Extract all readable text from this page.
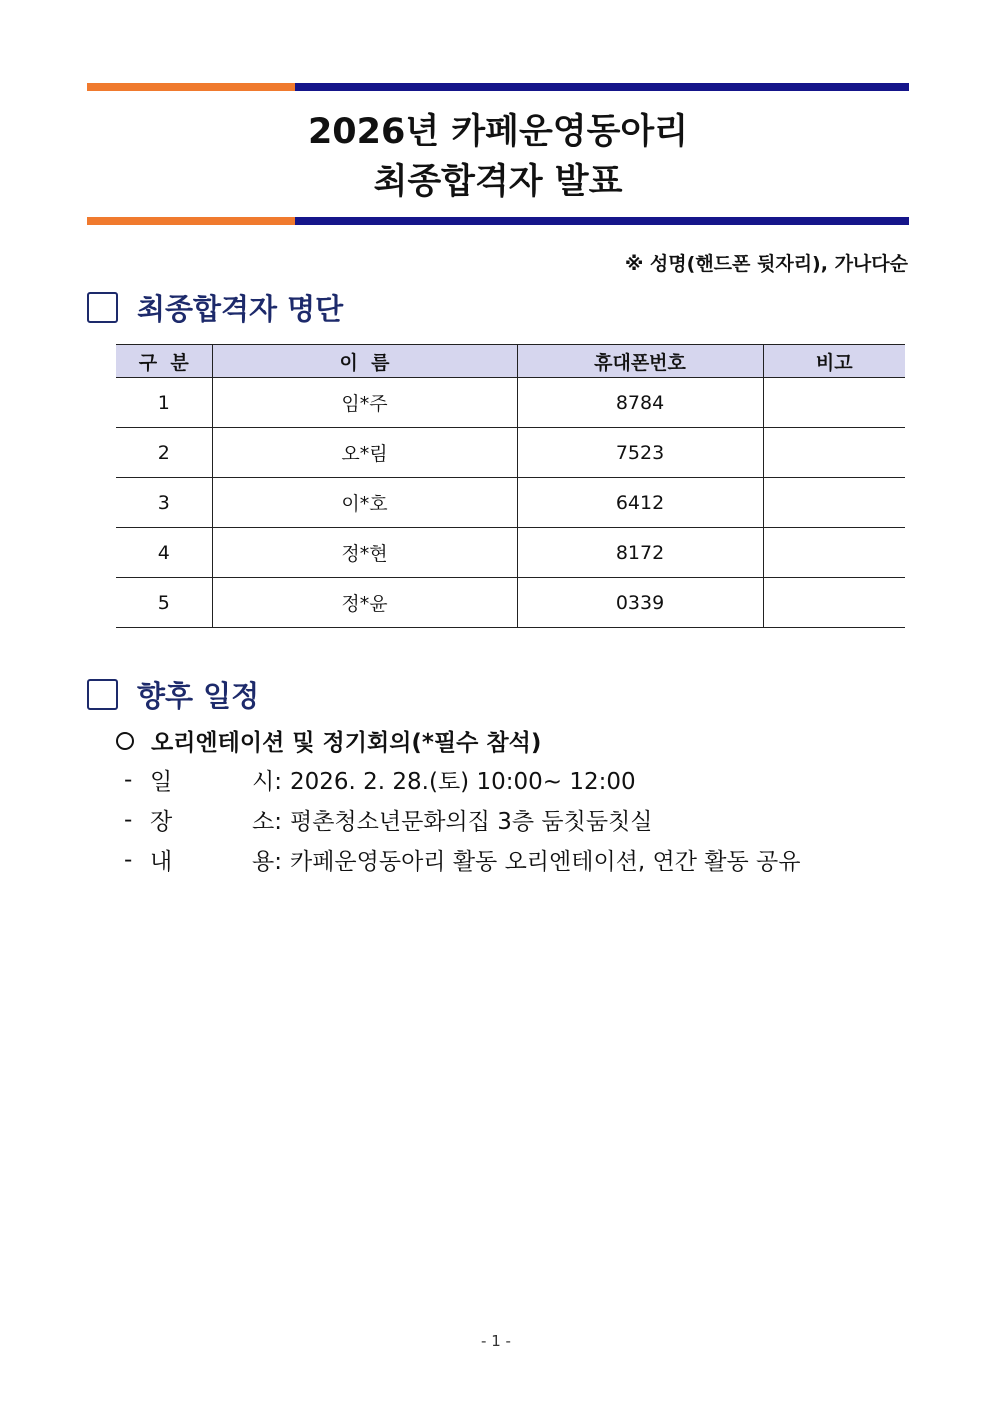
2026년 카페운영동아리
최종합격자 발표
※ 성명(핸드폰 뒷자리), 가나다순
최종합격자 명단
구  분	이  름	휴대폰번호	비고
1	임*주	8784	
2	오*림	7523	
3	이*호	6412	
4	정*현	8172	
5	정*윤	0339	
향후 일정
오리엔테이션 및 정기회의(*필수 참석)
- 일	시: 2026. 2. 28.(토) 10:00~ 12:00
- 장	소: 평촌청소년문화의집 3층 둠칫둠칫실
- 내	용: 카페운영동아리 활동 오리엔테이션, 연간 활동 공유
- 1 -
